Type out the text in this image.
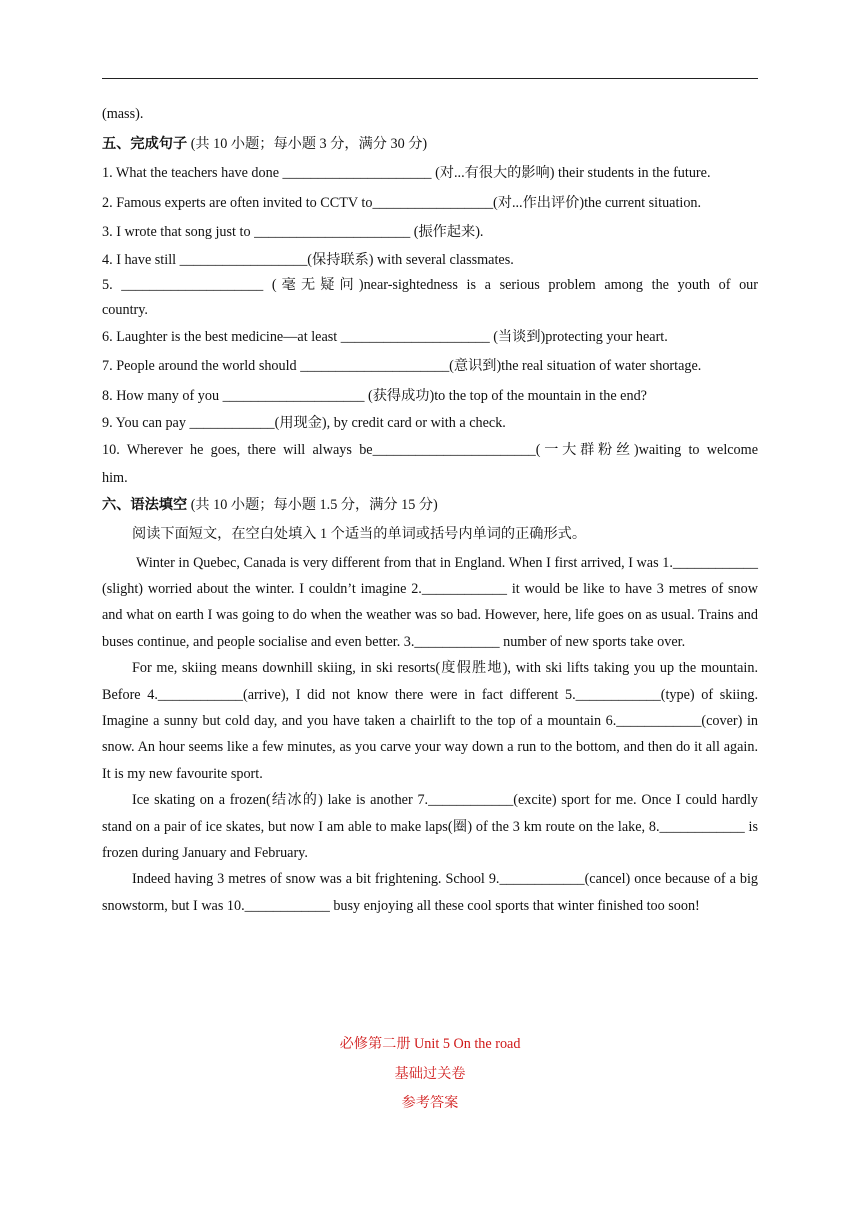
(mass).
五、完成句子 (共 10 小题；每小题 3 分，满分 30 分)
1. What the teachers have done _____________________ (对...有很大的影响) their students in the future.
2. Famous experts are often invited to CCTV to_________________(对...作出评价)the current situation.
3. I wrote that song just to ______________________ (振作起来).
4. I have still __________________(保持联系) with several classmates.
5. ____________________ (毫无疑问)near-sightedness is a serious problem among the youth of our
country.
6. Laughter is the best medicine—at least _____________________ (当谈到)protecting your heart.
7. People around the world should _____________________(意识到)the real situation of water shortage.
8. How many of you ____________________ (获得成功)to the top of the mountain in the end?
9. You can pay ____________(用现金), by credit card or with a check.
10. Wherever he goes, there will always be_______________________(一大群粉丝)waiting to welcome
him.
六、语法填空 (共 10 小题；每小题 1.5 分，满分 15 分)
阅读下面短文，在空白处填入 1 个适当的单词或括号内单词的正确形式。

Winter in Quebec, Canada is very different from that in England. When I first arrived, I was 1.____________ (slight) worried about the winter. I couldn’t imagine 2.____________ it would be like to have 3 metres of snow and what on earth I was going to do when the weather was so bad. However, here, life goes on as usual. Trains and buses continue, and people socialise and even better. 3.____________ number of new sports take over.

For me, skiing means downhill skiing, in ski resorts(度假胜地), with ski lifts taking you up the mountain. Before 4.____________(arrive), I did not know there were in fact different 5.____________(type) of skiing. Imagine a sunny but cold day, and you have taken a chairlift to the top of a mountain 6.____________(cover) in snow. An hour seems like a few minutes, as you carve your way down a run to the bottom, and then do it all again. It is my new favourite sport.

Ice skating on a frozen(结冰的) lake is another 7.____________(excite) sport for me. Once I could hardly stand on a pair of ice skates, but now I am able to make laps(圈) of the 3 km route on the lake, 8.____________ is frozen during January and February.

Indeed having 3 metres of snow was a bit frightening. School 9.____________(cancel) once because of a big snowstorm, but I was 10.____________ busy enjoying all these cool sports that winter finished too soon!

必修第二册 Unit 5 On the road
基础过关卷
参考答案
